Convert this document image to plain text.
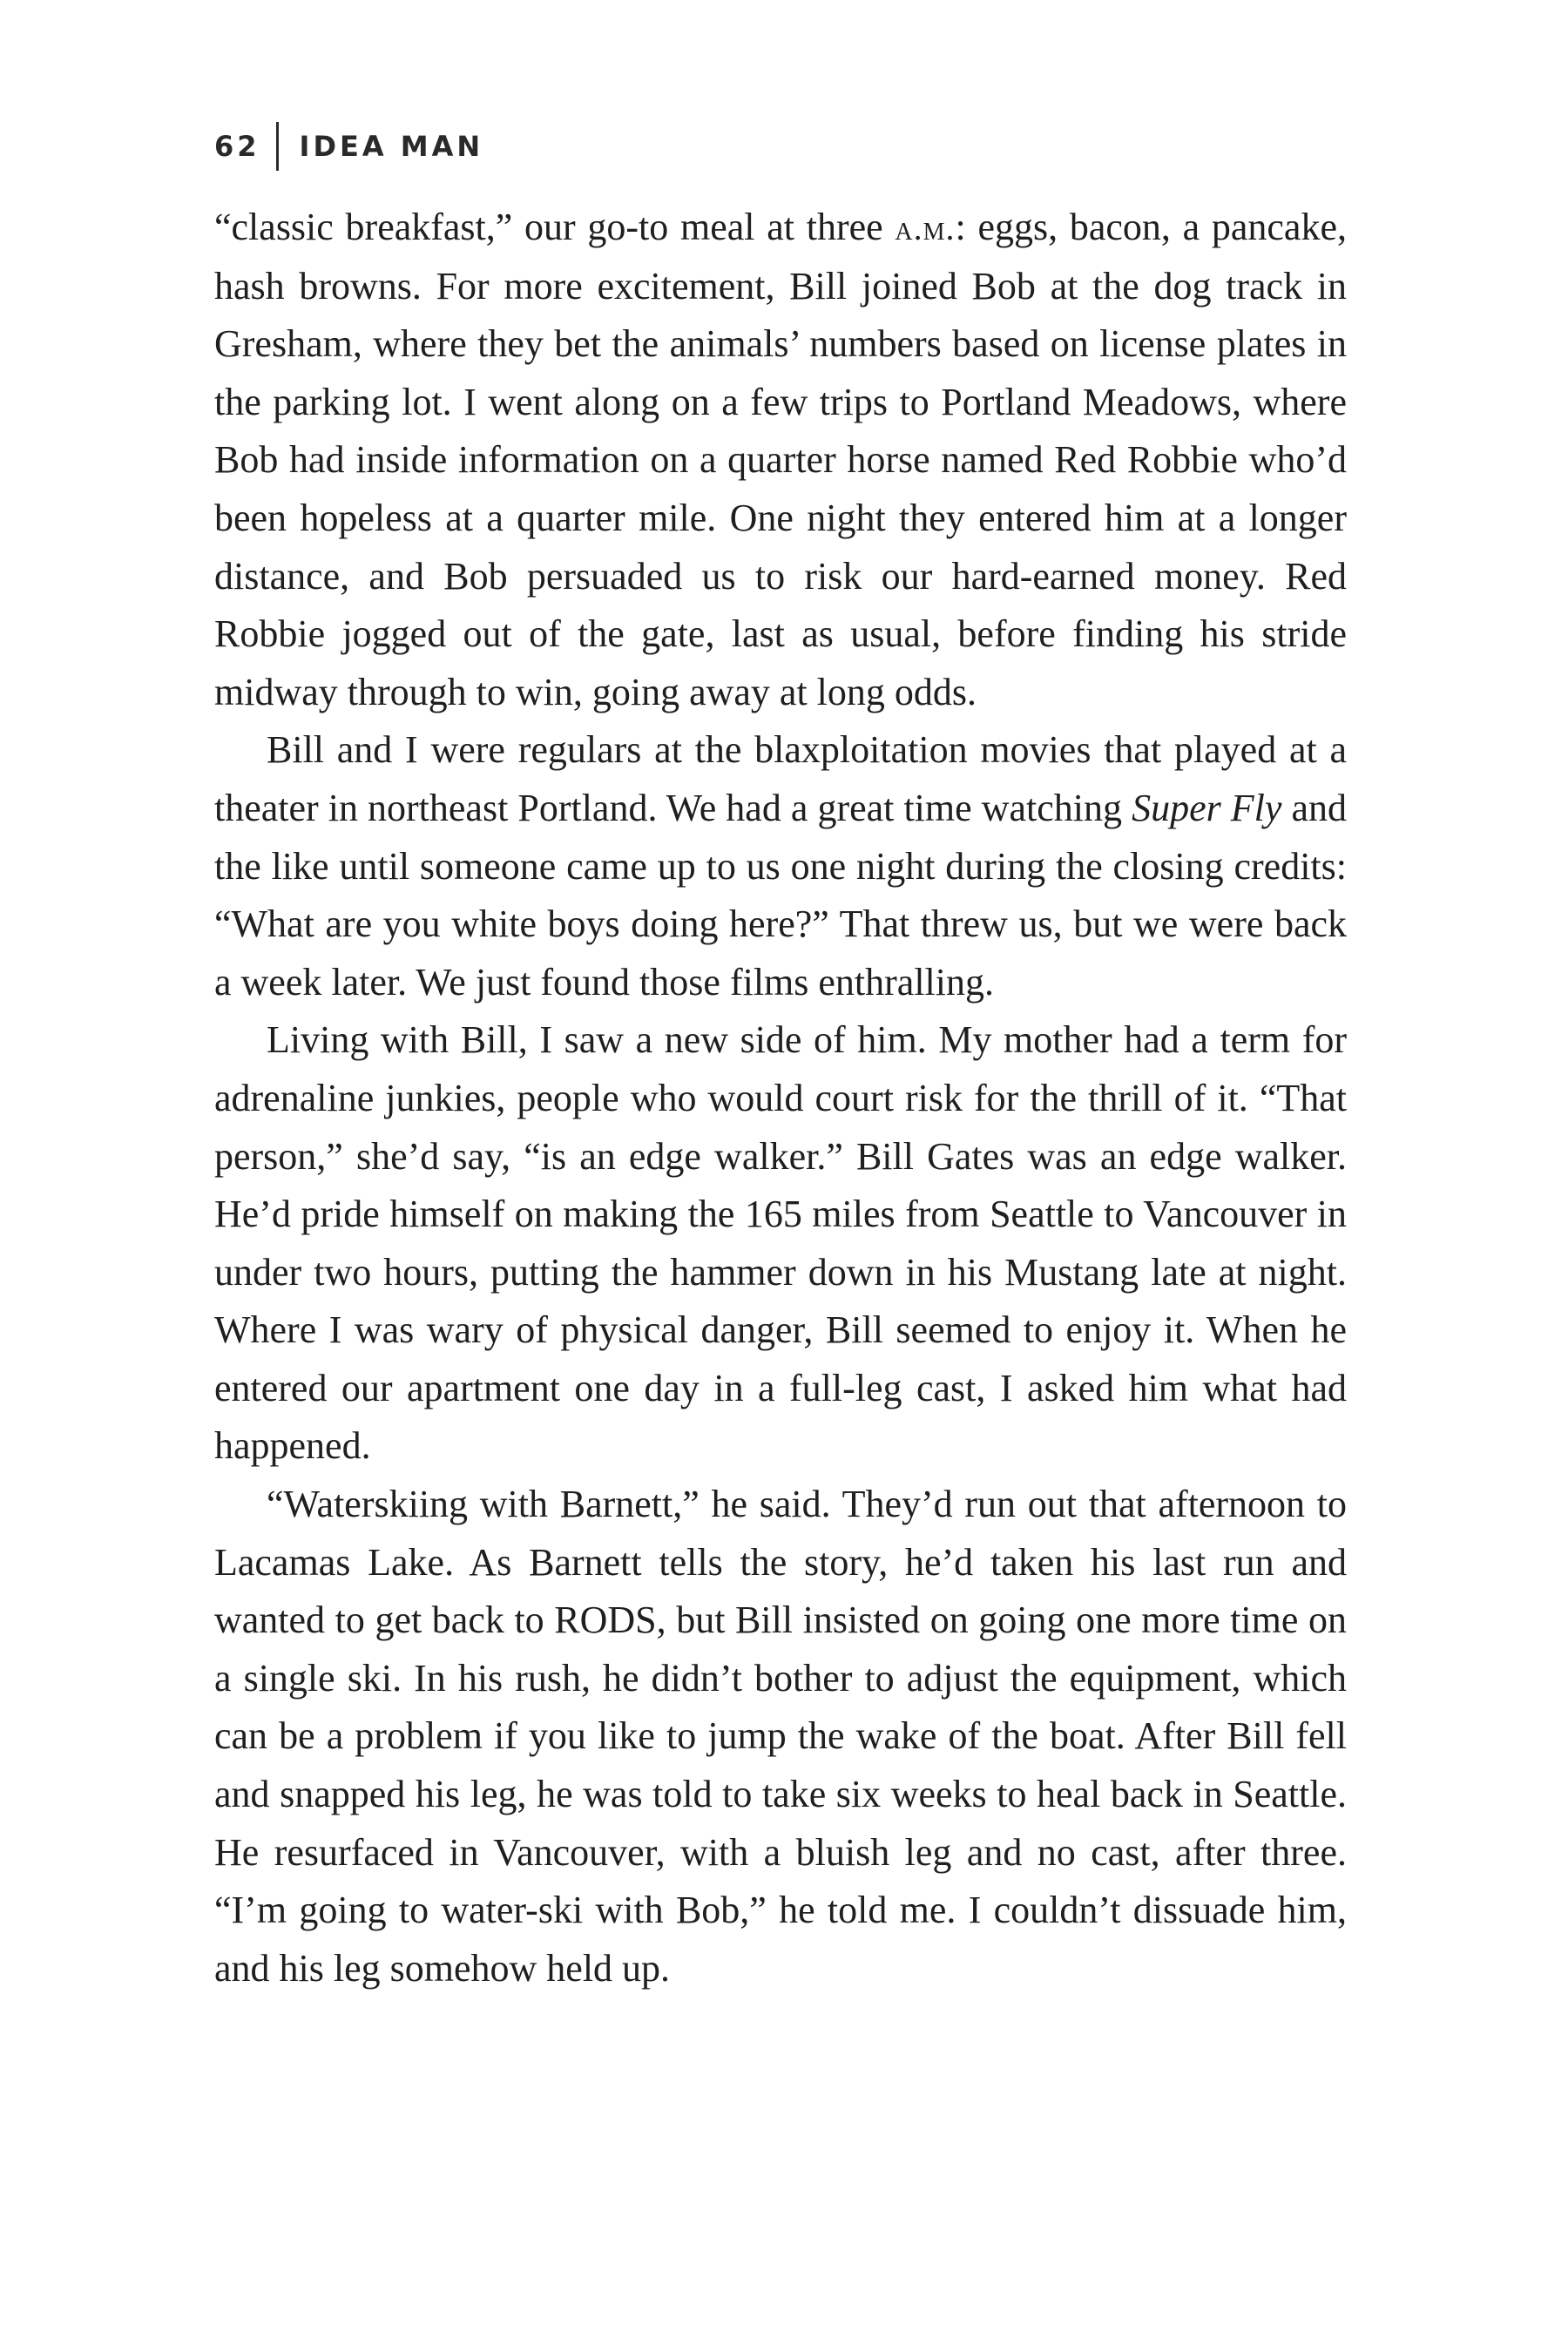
62 IDEA MAN

“classic breakfast,” our go-to meal at three a.m.: eggs, bacon, a pancake, hash browns. For more excitement, Bill joined Bob at the dog track in Gresham, where they bet the animals’ numbers based on license plates in the parking lot. I went along on a few trips to Portland Meadows, where Bob had inside information on a quarter horse named Red Robbie who’d been hopeless at a quarter mile. One night they entered him at a longer distance, and Bob persuaded us to risk our hard-earned money. Red Robbie jogged out of the gate, last as usual, before finding his stride midway through to win, going away at long odds.

Bill and I were regulars at the blaxploitation movies that played at a theater in northeast Portland. We had a great time watching Super Fly and the like until someone came up to us one night during the closing credits: “What are you white boys doing here?” That threw us, but we were back a week later. We just found those films enthralling.

Living with Bill, I saw a new side of him. My mother had a term for adrenaline junkies, people who would court risk for the thrill of it. “That person,” she’d say, “is an edge walker.” Bill Gates was an edge walker. He’d pride himself on making the 165 miles from Seattle to Vancouver in under two hours, putting the hammer down in his Mustang late at night. Where I was wary of physical danger, Bill seemed to enjoy it. When he entered our apartment one day in a full-leg cast, I asked him what had happened.

“Waterskiing with Barnett,” he said. They’d run out that afternoon to Lacamas Lake. As Barnett tells the story, he’d taken his last run and wanted to get back to RODS, but Bill insisted on going one more time on a single ski. In his rush, he didn’t bother to adjust the equipment, which can be a problem if you like to jump the wake of the boat. After Bill fell and snapped his leg, he was told to take six weeks to heal back in Seattle. He resurfaced in Vancouver, with a bluish leg and no cast, after three. “I’m going to water-ski with Bob,” he told me. I couldn’t dissuade him, and his leg somehow held up.
